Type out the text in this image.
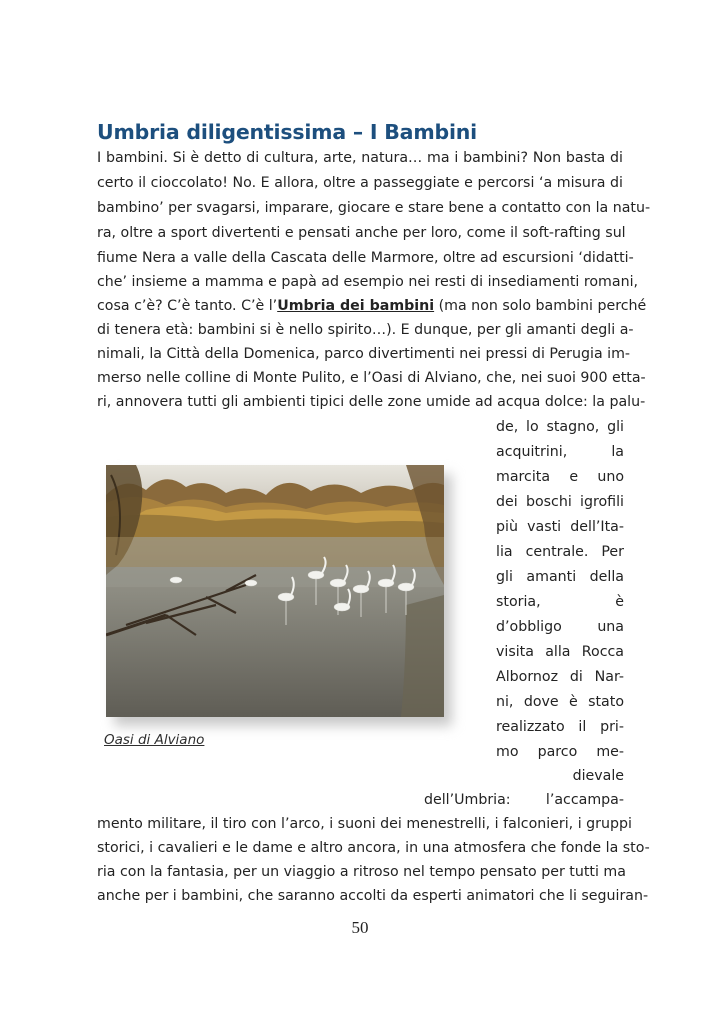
Umbria diligentissima – I Bambini
I bambini. Si è detto di cultura, arte, natura… ma i bambini? Non basta di
certo il cioccolato! No. E allora, oltre a passeggiate e percorsi ‘a misura di
bambino’ per svagarsi, imparare, giocare e stare bene a contatto con la natu-
ra, oltre a sport divertenti e pensati anche per loro, come il soft-rafting sul
fiume Nera a valle della Cascata delle Marmore, oltre ad escursioni ‘didatti-
che’ insieme a mamma e papà ad esempio nei resti di insediamenti romani,
cosa c’è? C’è tanto. C’è l’Umbria dei bambini (ma non solo bambini perché
di tenera età: bambini si è nello spirito…). E dunque, per gli amanti degli a-
nimali, la Città della Domenica, parco divertimenti nei pressi di Perugia im-
merso nelle colline di Monte Pulito, e l’Oasi di Alviano, che, nei suoi 900 etta-
ri, annovera tutti gli ambienti tipici delle zone umide ad acqua dolce: la palu-
de, lo stagno, gli
acquitrini, la
marcita e uno
dei boschi igrofili
più vasti dell’Ita-
lia centrale. Per
gli amanti della
storia, è
d’obbligo una
visita alla Rocca
Albornoz di Nar-
ni, dove è stato
realizzato il pri-
mo parco me-
dievale
dell’Umbria: l’accampa-
mento militare, il tiro con l’arco, i suoni dei menestrelli, i falconieri, i gruppi
storici, i cavalieri e le dame e altro ancora, in una atmosfera che fonde la sto-
ria con la fantasia, per un viaggio a ritroso nel tempo pensato per tutti ma
anche per i bambini, che saranno accolti da esperti animatori che li seguiran-
Oasi di Alviano
50
